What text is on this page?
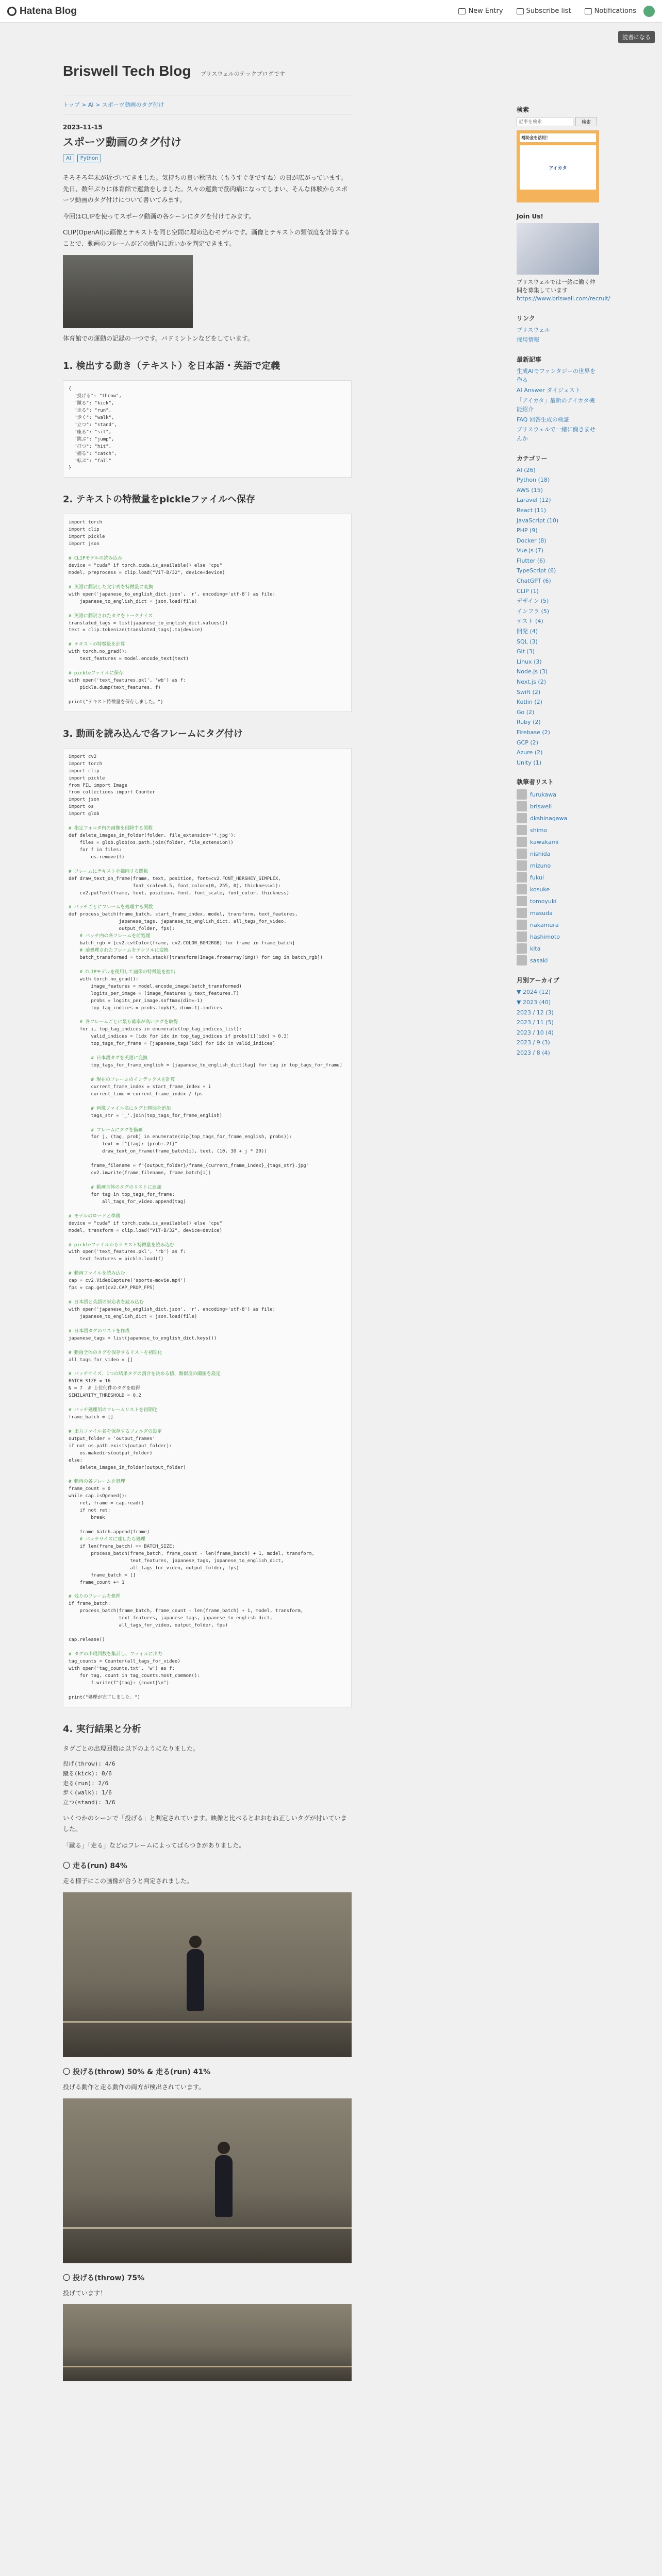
Hatena Blog	New Entry	Subscribe list	Notifications
読者になる
Briswell Tech Blog ブリスウェルのテックブログです
トップ > AI > スポーツ動画のタグ付け
2023-11-15
スポーツ動画のタグ付け
AI	Python

そろそろ年末が近づいてきました。気持ちの良い秋晴れ（もうすぐ冬ですね）の日が広がっています。先日、数年ぶりに体育館で運動をしました。久々の運動で筋肉痛になってしまい、そんな体験からスポーツ動画のタグ付けについて書いてみます。

今回はCLIPを使ってスポーツ動画の各シーンにタグを付けてみます。

CLIP(OpenAI)は画像とテキストを同じ空間に埋め込むモデルです。画像とテキストの類似度を計算することで、動画のフレームがどの動作に近いかを判定できます。

体育館での運動の記録の一つです。バドミントンなどをしています。

1. 検出する動き（テキスト）を日本語・英語で定義
{
"投げる": "throw",
"蹴る": "kick",
"走る": "run",
"歩く": "walk",
"立つ": "stand",
"座る": "sit",
"跳ぶ": "jump",
"打つ": "hit",
"捕る": "catch",
"転ぶ": "fall"
}
2. テキストの特徴量をpickleファイルへ保存
import torch
import clip
import pickle
import json

# CLIPモデルの読み込み
device = "cuda" if torch.cuda.is_available() else "cpu"
model, preprocess = clip.load("ViT-B/32", device=device)

# 英語に翻訳した文字列を特徴量に変換
with open('japanese_to_english_dict.json', 'r', encoding='utf-8') as file:
japanese_to_english_dict = json.load(file)

# 英語に翻訳されたタグをトークナイズ
translated_tags = list(japanese_to_english_dict.values())
text = clip.tokenize(translated_tags).to(device)

# テキストの特徴量を計算
with torch.no_grad():
text_features = model.encode_text(text)

# pickleファイルに保存
with open('text_features.pkl', 'wb') as f:
pickle.dump(text_features, f)

print("テキスト特徴量を保存しました。")
3. 動画を読み込んで各フレームにタグ付け
import cv2
import torch
import clip
import pickle
from PIL import Image
from collections import Counter
import json
import os
import glob

# 指定フォルダ内の画像を削除する関数
def delete_images_in_folder(folder, file_extension='*.jpg'):
files = glob.glob(os.path.join(folder, file_extension))
for f in files:
os.remove(f)

# フレームにテキストを描画する関数
def draw_text_on_frame(frame, text, position, font=cv2.FONT_HERSHEY_SIMPLEX,
font_scale=0.5, font_color=(0, 255, 0), thickness=1):
cv2.putText(frame, text, position, font, font_scale, font_color, thickness)

# バッチごとにフレームを処理する関数
def process_batch(frame_batch, start_frame_index, model, transform, text_features,
japanese_tags, japanese_to_english_dict, all_tags_for_video,
output_folder, fps):
# バッチ内の各フレームを前処理
batch_rgb = [cv2.cvtColor(frame, cv2.COLOR_BGR2RGB) for frame in frame_batch]
# 前処理されたフレームをテンソルに変換
batch_transformed = torch.stack([transform(Image.fromarray(img)) for img in batch_rgb])

# CLIPモデルを使用して画像の特徴量を抽出
with torch.no_grad():
image_features = model.encode_image(batch_transformed)
logits_per_image = (image_features @ text_features.T)
probs = logits_per_image.softmax(dim=-1)
top_tag_indices = probs.topk(3, dim=-1).indices

# 各フレームごとに最も確率が高いタグを取得
for i, top_tag_indices in enumerate(top_tag_indices_list):
valid_indices = [idx for idx in top_tag_indices if probs[i][idx] > 0.3]
top_tags_for_frame = [japanese_tags[idx] for idx in valid_indices]

# 日本語タグを英語に変換
top_tags_for_frame_english = [japanese_to_english_dict[tag] for tag in top_tags_for_frame]

# 現在のフレームのインデックスを計算
current_frame_index = start_frame_index + i
current_time = current_frame_index / fps

# 画像ファイル名にタグと時間を追加
tags_str = '_'.join(top_tags_for_frame_english)

# フレームにタグを描画
for j, (tag, prob) in enumerate(zip(top_tags_for_frame_english, probs)):
text = f"{tag}: {prob:.2f}"
draw_text_on_frame(frame_batch[i], text, (10, 30 + j * 20))

frame_filename = f"{output_folder}/frame_{current_frame_index}_{tags_str}.jpg"
cv2.imwrite(frame_filename, frame_batch[i])

# 動画全体のタグのリストに追加
for tag in top_tags_for_frame:
all_tags_for_video.append(tag)

# モデルのロードと準備
device = "cuda" if torch.cuda.is_available() else "cpu"
model, transform = clip.load("ViT-B/32", device=device)

# pickleファイルからテキスト特徴量を読み込む
with open('text_features.pkl', 'rb') as f:
text_features = pickle.load(f)

# 動画ファイルを読み込む
cap = cv2.VideoCapture('sports-movie.mp4')
fps = cap.get(cv2.CAP_PROP_FPS)

# 日本語と英語の対応表を読み込む
with open('japanese_to_english_dict.json', 'r', encoding='utf-8') as file:
japanese_to_english_dict = json.load(file)

# 日本語タグのリストを作成
japanese_tags = list(japanese_to_english_dict.keys())

# 動画全体のタグを保存するリストを初期化
all_tags_for_video = []

# バッチサイズ、1つの結果タグの割合を決める値、類似度の閾値を設定
BATCH_SIZE = 16
N = 7  # 上位何件のタグを取得
SIMILARITY_THRESHOLD = 0.2

# バッチ処理用のフレームリストを初期化
frame_batch = []

# 出力ファイル名を保存するフォルダの設定
output_folder = 'output_frames'
if not os.path.exists(output_folder):
os.makedirs(output_folder)
else:
delete_images_in_folder(output_folder)

# 動画の各フレームを処理
frame_count = 0
while cap.isOpened():
ret, frame = cap.read()
if not ret:
break

frame_batch.append(frame)
# バッチサイズに達したら処理
if len(frame_batch) == BATCH_SIZE:
process_batch(frame_batch, frame_count - len(frame_batch) + 1, model, transform,
text_features, japanese_tags, japanese_to_english_dict,
all_tags_for_video, output_folder, fps)
frame_batch = []
frame_count += 1

# 残りのフレームを処理
if frame_batch:
process_batch(frame_batch, frame_count - len(frame_batch) + 1, model, transform,
text_features, japanese_tags, japanese_to_english_dict,
all_tags_for_video, output_folder, fps)

cap.release()

# タグの出現回数を集計し、ファイルに出力
tag_counts = Counter(all_tags_for_video)
with open('tag_counts.txt', 'w') as f:
for tag, count in tag_counts.most_common():
f.write(f"{tag}: {count}\n")

print("処理が完了しました。")
4. 実行結果と分析

タグごとの出現回数は以下のようになりました。

投げ(throw): 4/6
蹴る(kick): 0/6
走る(run): 2/6
歩く(walk): 1/6
立つ(stand): 3/6

いくつかのシーンで「投げる」と判定されています。映像と比べるとおおむね正しいタグが付いていました。

「蹴る」「走る」などはフレームによってばらつきがありました。

〇 走る(run) 84%

走る様子にこの画像が合うと判定されました。

〇 投げる(throw) 50% & 走る(run) 41%

投げる動作と走る動作の両方が検出されています。

〇 投げる(throw) 75%

投げています！

検索
記事を検索
検索
補助金を活用！
アイカタ
Join Us!
ブリスウェルでは一緒に働く仲間を募集しています
https://www.briswell.com/recruit/
リンク
ブリスウェル
採用情報
最新記事
生成AIでファンタジーの世界を作る
AI Answer ダイジェスト
「アイカタ」最新のアイカタ機能紹介
FAQ 回答生成の検証
ブリスウェルで一緒に働きませんか
カテゴリー
AI (26)
Python (18)
AWS (15)
Laravel (12)
React (11)
JavaScript (10)
PHP (9)
Docker (8)
Vue.js (7)
Flutter (6)
TypeScript (6)
ChatGPT (6)
CLIP (1)
デザイン (5)
インフラ (5)
テスト (4)
開発 (4)
SQL (3)
Git (3)
Linux (3)
Node.js (3)
Next.js (2)
Swift (2)
Kotlin (2)
Go (2)
Ruby (2)
Firebase (2)
GCP (2)
Azure (2)
Unity (1)
執筆者リスト
furukawa
briswell
dkshinagawa
shimo
kawakami
nishida
mizuno
fukui
kosuke
tomoyuki
masuda
nakamura
hashimoto
kita
sasaki
月別アーカイブ
▼ 2024 (12)
▼ 2023 (40)
2023 / 12 (3)
2023 / 11 (5)
2023 / 10 (4)
2023 / 9 (3)
2023 / 8 (4)
